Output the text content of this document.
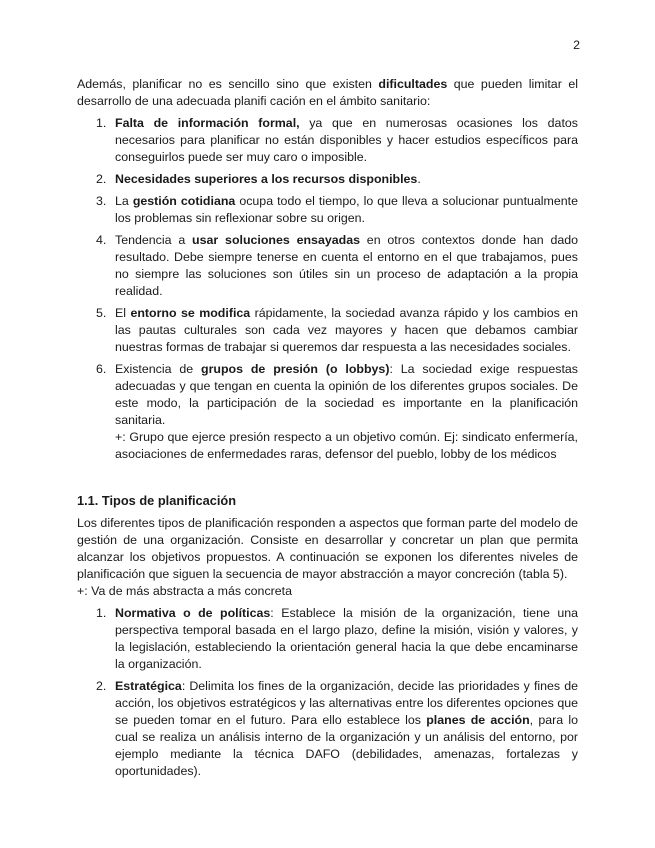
2

Además, planificar no es sencillo sino que existen dificultades que pueden limitar el desarrollo de una adecuada planifi cación en el ámbito sanitario:

1. Falta de información formal, ya que en numerosas ocasiones los datos necesarios para planificar no están disponibles y hacer estudios específicos para conseguirlos puede ser muy caro o imposible.
2. Necesidades superiores a los recursos disponibles.
3. La gestión cotidiana ocupa todo el tiempo, lo que lleva a solucionar puntualmente los problemas sin reflexionar sobre su origen.
4. Tendencia a usar soluciones ensayadas en otros contextos donde han dado resultado. Debe siempre tenerse en cuenta el entorno en el que trabajamos, pues no siempre las soluciones son útiles sin un proceso de adaptación a la propia realidad.
5. El entorno se modifica rápidamente, la sociedad avanza rápido y los cambios en las pautas culturales son cada vez mayores y hacen que debamos cambiar nuestras formas de trabajar si queremos dar respuesta a las necesidades sociales.
6. Existencia de grupos de presión (o lobbys): La sociedad exige respuestas adecuadas y que tengan en cuenta la opinión de los diferentes grupos sociales. De este modo, la participación de la sociedad es importante en la planificación sanitaria.
+: Grupo que ejerce presión respecto a un objetivo común. Ej: sindicato enfermería, asociaciones de enfermedades raras, defensor del pueblo, lobby de los médicos
1.1. Tipos de planificación

Los diferentes tipos de planificación responden a aspectos que forman parte del modelo de gestión de una organización. Consiste en desarrollar y concretar un plan que permita alcanzar los objetivos propuestos. A continuación se exponen los diferentes niveles de planificación que siguen la secuencia de mayor abstracción a mayor concreción (tabla 5).

+: Va de más abstracta a más concreta

1. Normativa o de políticas: Establece la misión de la organización, tiene una perspectiva temporal basada en el largo plazo, define la misión, visión y valores, y la legislación, estableciendo la orientación general hacia la que debe encaminarse la organización.
2. Estratégica: Delimita los fines de la organización, decide las prioridades y fines de acción, los objetivos estratégicos y las alternativas entre los diferentes opciones que se pueden tomar en el futuro. Para ello establece los planes de acción, para lo cual se realiza un análisis interno de la organización y un análisis del entorno, por ejemplo mediante la técnica DAFO (debilidades, amenazas, fortalezas y oportunidades).
